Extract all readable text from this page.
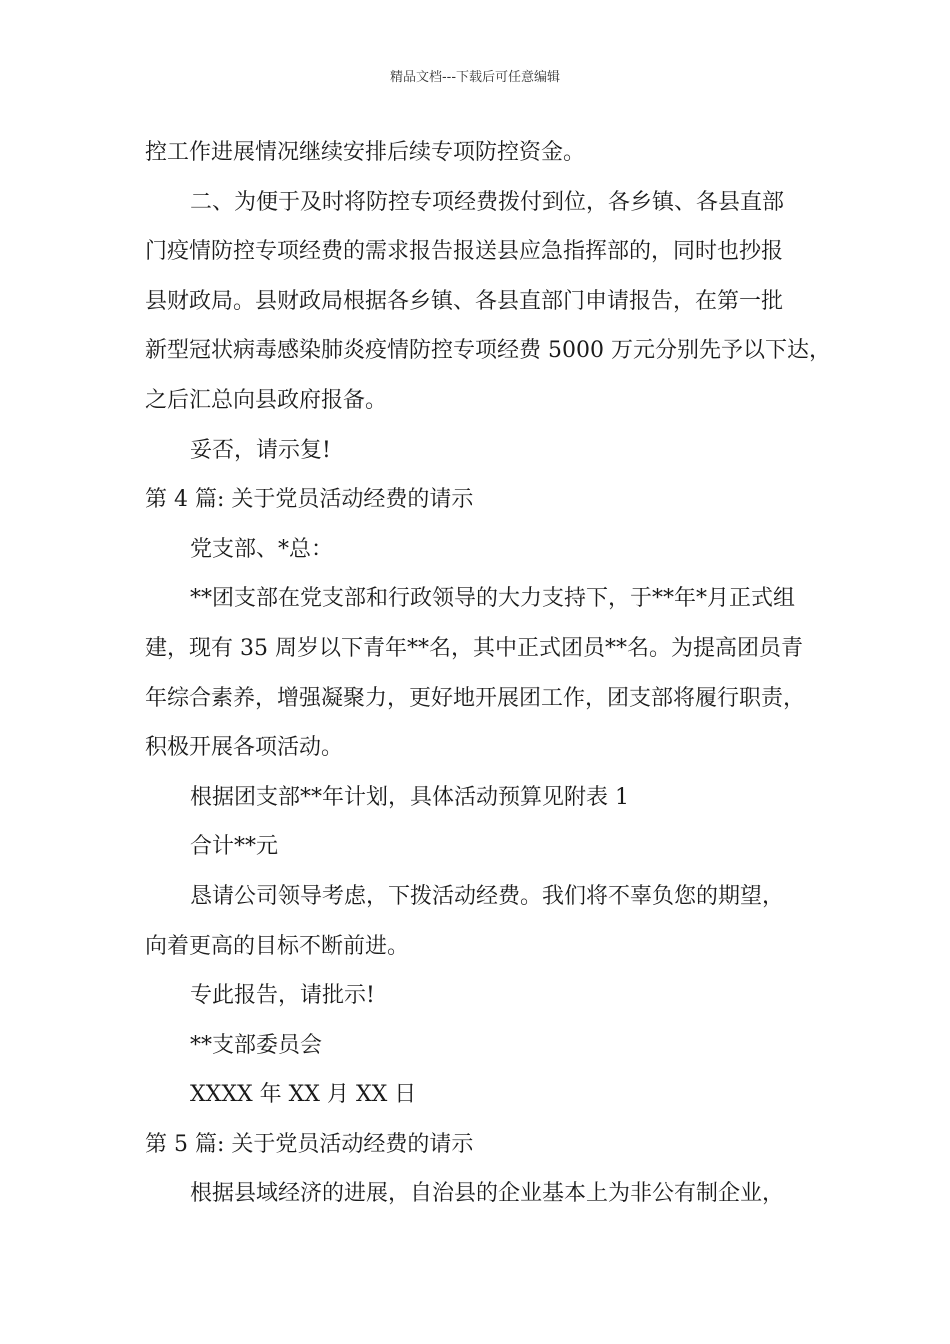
精品文档---下载后可任意编辑
控工作进展情况继续安排后续专项防控资金。
二、为便于及时将防控专项经费拨付到位，各乡镇、各县直部
门疫情防控专项经费的需求报告报送县应急指挥部的，同时也抄报
县财政局。县财政局根据各乡镇、各县直部门申请报告，在第一批
新型冠状病毒感染肺炎疫情防控专项经费 5000 万元分别先予以下达，
之后汇总向县政府报备。
妥否，请示复!
第 4 篇: 关于党员活动经费的请示
党支部、*总：
**团支部在党支部和行政领导的大力支持下，于**年*月正式组
建，现有 35 周岁以下青年**名，其中正式团员**名。为提高团员青
年综合素养，增强凝聚力，更好地开展团工作，团支部将履行职责，
积极开展各项活动。
根据团支部**年计划，具体活动预算见附表 1
合计**元
恳请公司领导考虑，下拨活动经费。我们将不辜负您的期望，
向着更高的目标不断前进。
专此报告，请批示!
**支部委员会
XXXX 年 XX 月 XX 日
第 5 篇: 关于党员活动经费的请示
根据县域经济的进展，自治县的企业基本上为非公有制企业，
